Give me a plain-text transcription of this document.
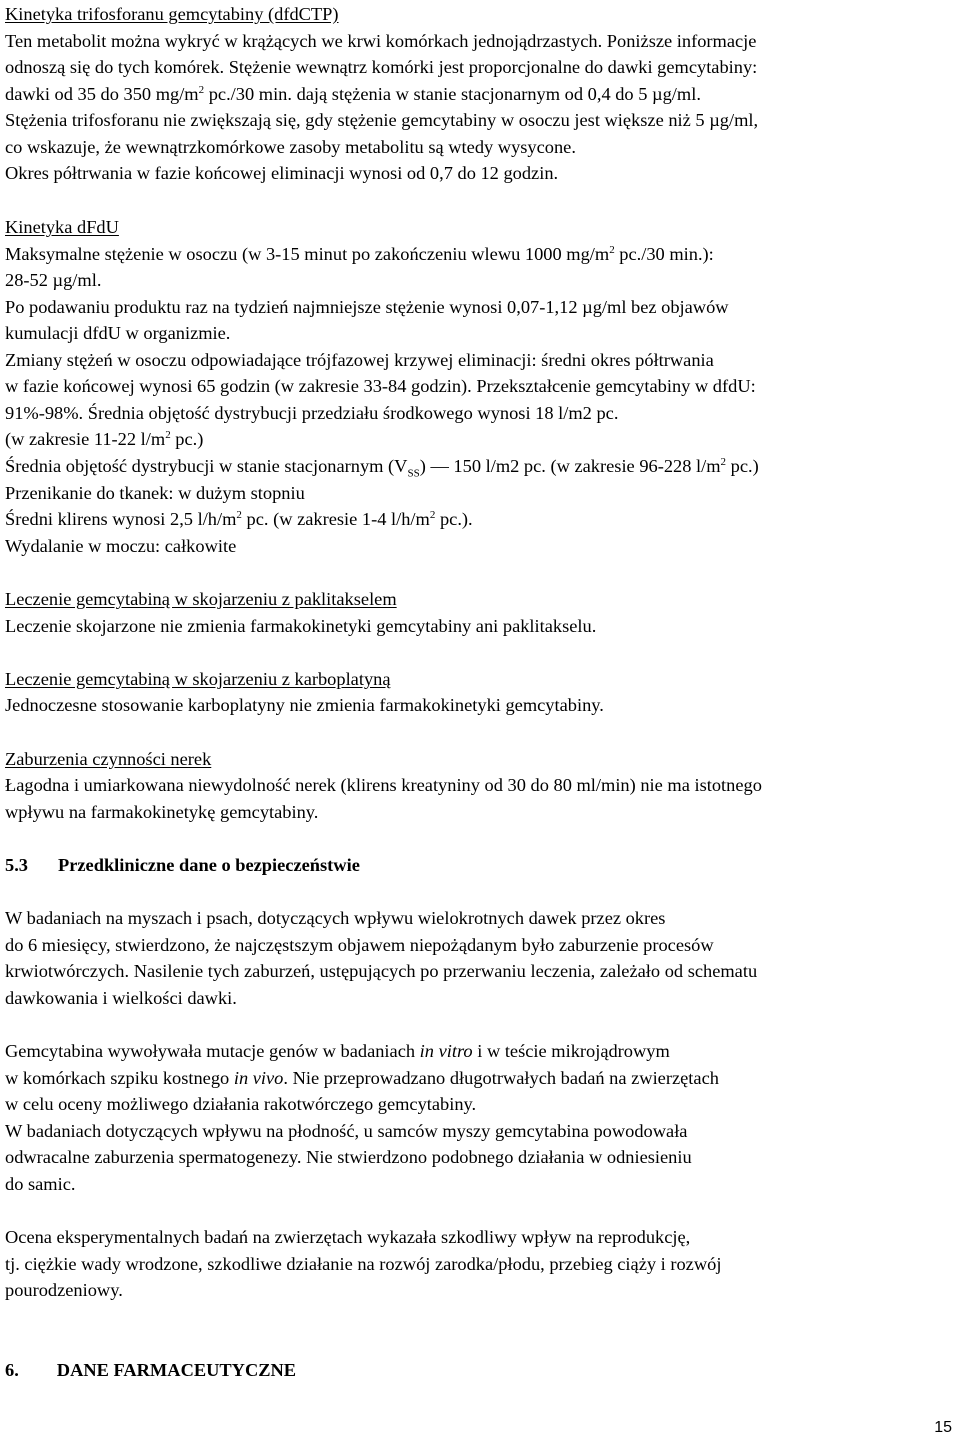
Kinetyka trifosforanu gemcytabiny (dfdCTP)
Ten metabolit można wykryć w krążących we krwi komórkach jednojądrzastych. Poniższe informacje
odnoszą się do tych komórek. Stężenie wewnątrz komórki jest proporcjonalne do dawki gemcytabiny:
dawki od 35 do 350 $mg/m^2$ pc./30 min. dają stężenia w stanie stacjonarnym od 0,4 do 5 µg/ml.
Stężenia trifosforanu nie zwiększają się, gdy stężenie gemcytabiny w osoczu jest większe niż 5 µg/ml,
co wskazuje, że wewnątrzkomórkowe zasoby metabolitu są wtedy wysycone.
Okres półtrwania w fazie końcowej eliminacji wynosi od 0,7 do 12 godzin.
Kinetyka dFdU
Maksymalne stężenie w osoczu (w 3-15 minut po zakończeniu wlewu 1000 $mg/m^2$ pc./30 min.):
28-52 µg/ml.
Po podawaniu produktu raz na tydzień najmniejsze stężenie wynosi 0,07-1,12 µg/ml bez objawów
kumulacji dfdU w organizmie.
Zmiany stężeń w osoczu odpowiadające trójfazowej krzywej eliminacji: średni okres półtrwania
w fazie końcowej wynosi 65 godzin (w zakresie 33-84 godzin). Przekształcenie gemcytabiny w dfdU:
91%-98%. Średnia objętość dystrybucji przedziału środkowego wynosi 18 l/m2 pc.
(w zakresie 11-22 $l/m^2$ pc.)
Średnia objętość dystrybucji w stanie stacjonarnym $(V_{SS})$ — 150 l/m2 pc. (w zakresie 96-228 $l/m^2$ pc.)
Przenikanie do tkanek: w dużym stopniu
Średni klirens wynosi 2,5 $l/h/m^2$ pc. (w zakresie 1-4 $l/h/m^2$ pc.).
Wydalanie w moczu: całkowite
Leczenie gemcytabiną w skojarzeniu z paklitakselem
Leczenie skojarzone nie zmienia farmakokinetyki gemcytabiny ani paklitakselu.
Leczenie gemcytabiną w skojarzeniu z karboplatyną
Jednoczesne stosowanie karboplatyny nie zmienia farmakokinetyki gemcytabiny.
Zaburzenia czynności nerek
Łagodna i umiarkowana niewydolność nerek (klirens kreatyniny od 30 do 80 ml/min) nie ma istotnego
wpływu na farmakokinetykę gemcytabiny.
5.3 Przedkliniczne dane o bezpieczeństwie
W badaniach na myszach i psach, dotyczących wpływu wielokrotnych dawek przez okres
do 6 miesięcy, stwierdzono, że najczęstszym objawem niepożądanym było zaburzenie procesów
krwiotwórczych. Nasilenie tych zaburzeń, ustępujących po przerwaniu leczenia, zależało od schematu
dawkowania i wielkości dawki.
Gemcytabina wywoływała mutacje genów w badaniach in vitro i w teście mikrojądrowym
w komórkach szpiku kostnego in vivo. Nie przeprowadzano długotrwałych badań na zwierzętach
w celu oceny możliwego działania rakotwórczego gemcytabiny.
W badaniach dotyczących wpływu na płodność, u samców myszy gemcytabina powodowała
odwracalne zaburzenia spermatogenezy. Nie stwierdzono podobnego działania w odniesieniu
do samic.
Ocena eksperymentalnych badań na zwierzętach wykazała szkodliwy wpływ na reprodukcję,
tj. ciężkie wady wrodzone, szkodliwe działanie na rozwój zarodka/płodu, przebieg ciąży i rozwój
pourodzeniowy.
6. DANE FARMACEUTYCZNE
15
